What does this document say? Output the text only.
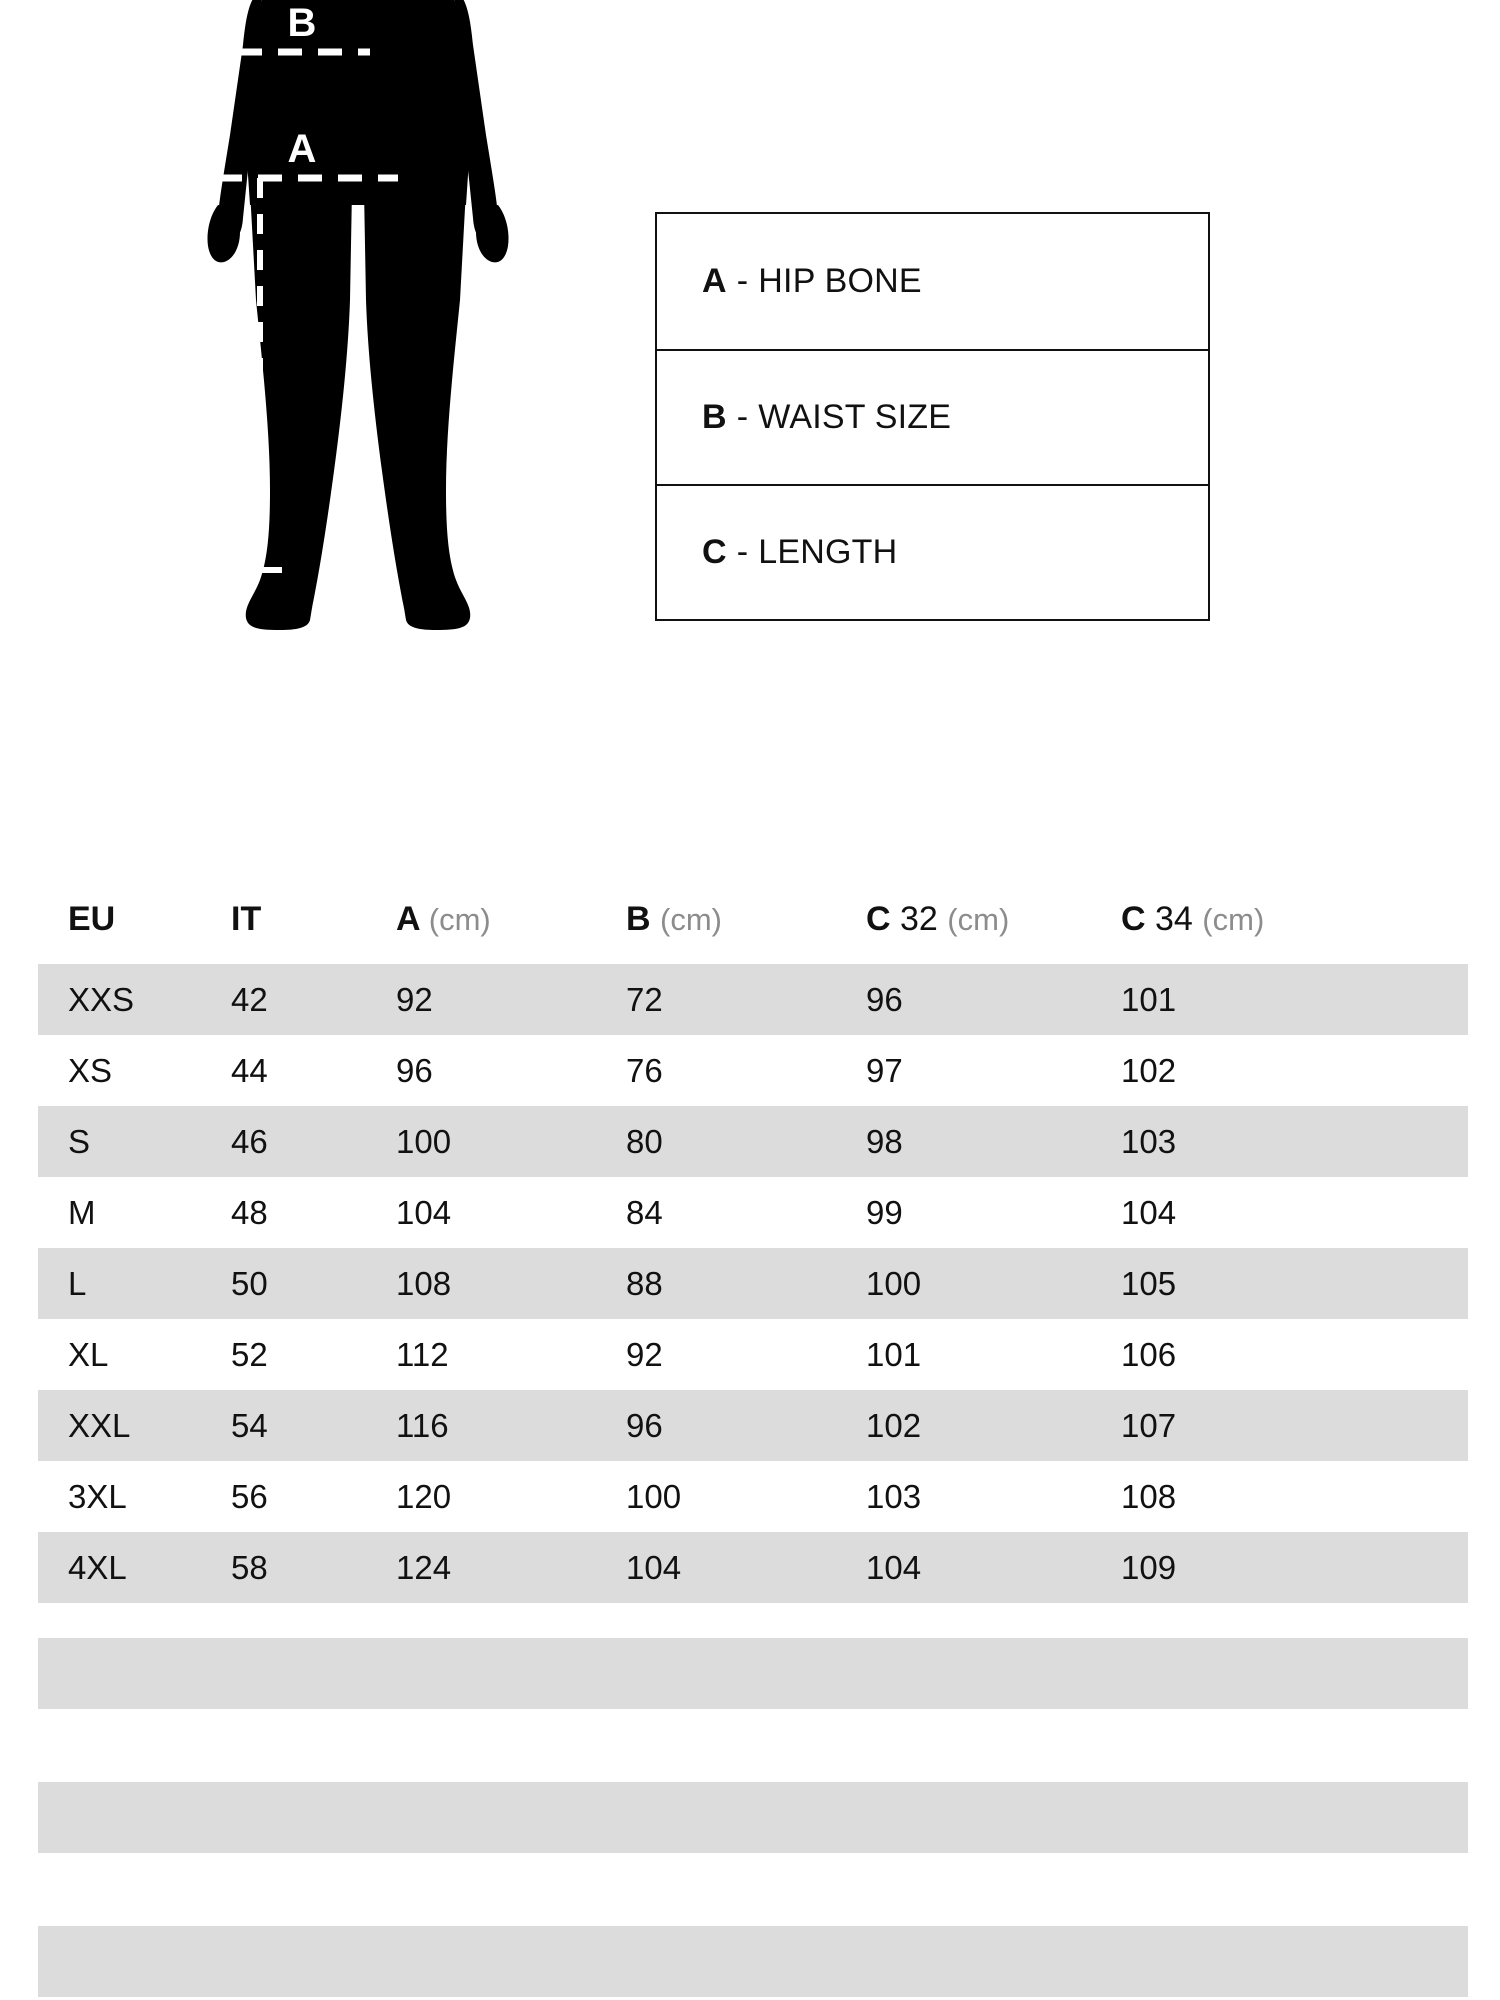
B
A
C	A - HIP BONE
B - WAIST SIZE
C - LENGTH
EU	IT	A (cm)	B (cm)	C 32 (cm)	C 34 (cm)
XXS	42	92	72	96	101
XS	44	96	76	97	102
S	46	100	80	98	103
M	48	104	84	99	104
L	50	108	88	100	105
XL	52	112	92	101	106
XXL	54	116	96	102	107
3XL	56	120	100	103	108
4XL	58	124	104	104	109
